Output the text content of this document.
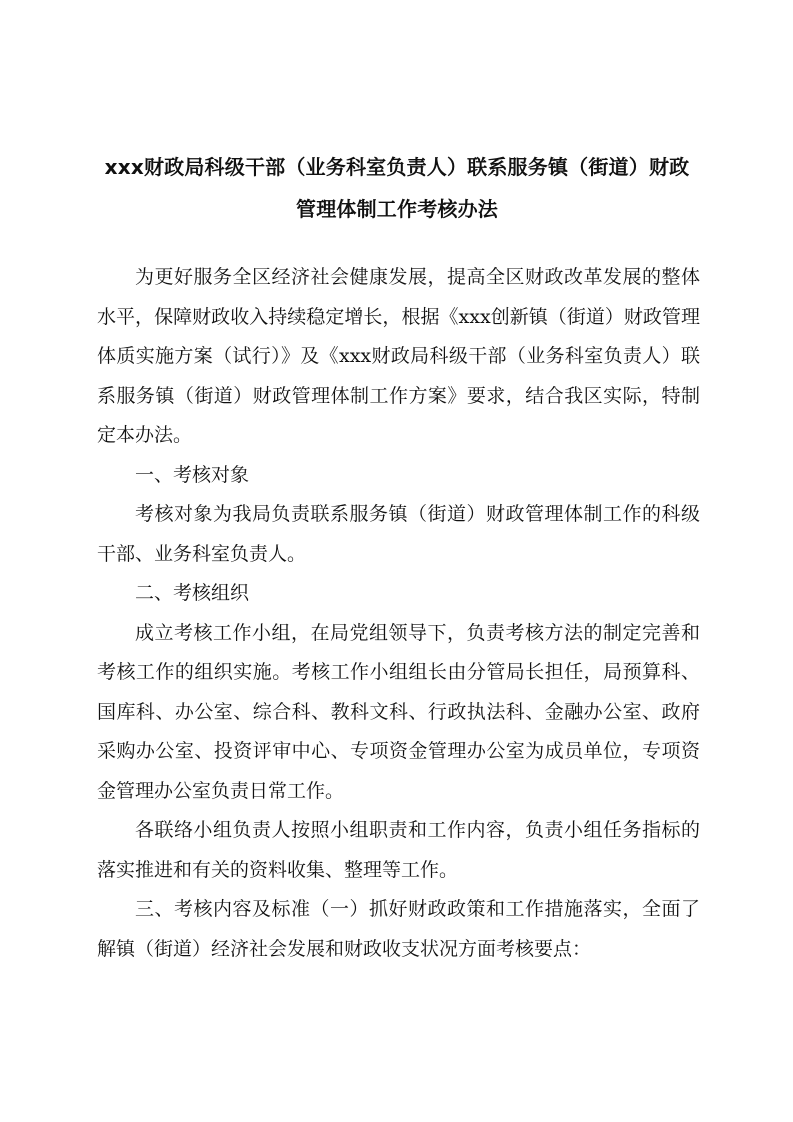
xxx财政局科级干部（业务科室负责人）联系服务镇（街道）财政
管理体制工作考核办法

为更好服务全区经济社会健康发展，提高全区财政改革发展的整体水平，保障财政收入持续稳定增长，根据《xxx创新镇（街道）财政管理体质实施方案（试行）》及《xxx财政局科级干部（业务科室负责人）联系服务镇（街道）财政管理体制工作方案》要求，结合我区实际，特制定本办法。

一、考核对象

考核对象为我局负责联系服务镇（街道）财政管理体制工作的科级干部、业务科室负责人。

二、考核组织

成立考核工作小组，在局党组领导下，负责考核方法的制定完善和考核工作的组织实施。考核工作小组组长由分管局长担任，局预算科、国库科、办公室、综合科、教科文科、行政执法科、金融办公室、政府采购办公室、投资评审中心、专项资金管理办公室为成员单位，专项资金管理办公室负责日常工作。

各联络小组负责人按照小组职责和工作内容，负责小组任务指标的落实推进和有关的资料收集、整理等工作。

三、考核内容及标准（一）抓好财政政策和工作措施落实，全面了解镇（街道）经济社会发展和财政收支状况方面考核要点：
